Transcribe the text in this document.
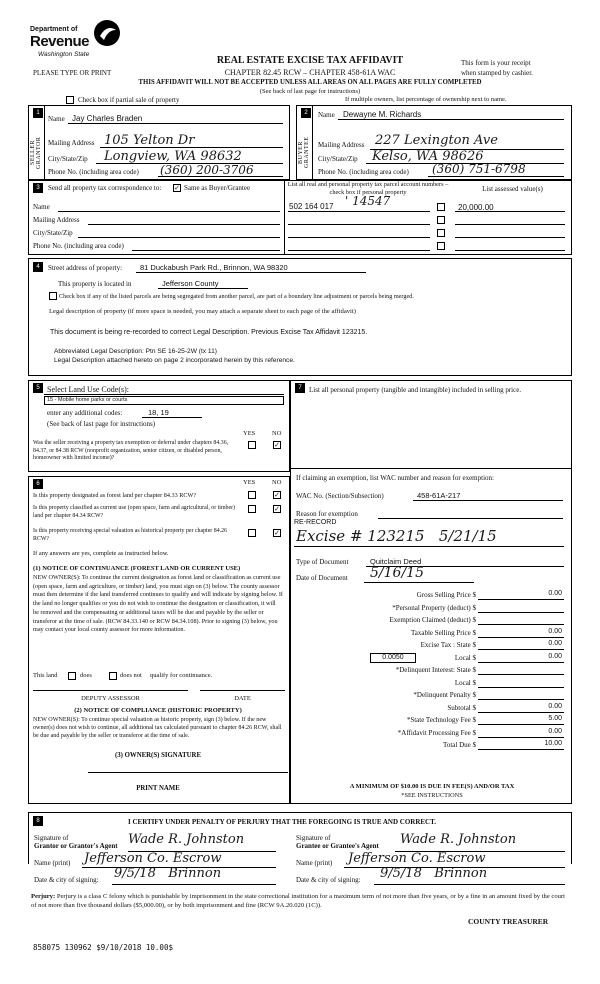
Department of
Revenue
Washington State
REAL ESTATE EXCISE TAX AFFIDAVIT
CHAPTER 82.45 RCW – CHAPTER 458-61A WAC
PLEASE TYPE OR PRINT
This form is your receipt
when stamped by cashier.
THIS AFFIDAVIT WILL NOT BE ACCEPTED UNLESS ALL AREAS ON ALL PAGES ARE FULLY COMPLETED
(See back of last page for instructions)
Check box if partial sale of property	If multiple owners, list percentage of ownership next to name.
1
SELLER GRANTOR
Name Jay Charles Braden
Mailing Address 105 Yelton Dr
City/State/Zip Longview, WA 98632
Phone No. (including area code) (360) 200-3706
2
BUYER GRANTEE
Name Dewayne M. Richards
Mailing Address 227 Lexington Ave
City/State/Zip Kelso, WA 98626
Phone No. (including area code) (360) 751-6798
3	Send all property tax correspondence to: ✓ Same as Buyer/Grantee
Name
Mailing Address
City/State/Zip
Phone No. (including area code)
List all real and personal property tax parcel account numbers – check box if personal property	List assessed value(s)
502 164 017 ' 14547	20,000.00
4	Street address of property: 81 Duckabush Park Rd., Brinnon, WA 98320
This property is located in	Jefferson County
Check box if any of the listed parcels are being segregated from another parcel, are part of a boundary line adjustment or parcels being merged.
Legal description of property (if more space is needed, you may attach a separate sheet to each page of the affidavit)
This document is being re-recorded to correct Legal Description. Previous Excise Tax Affidavit 123215.
Abbreviated Legal Description: Ptn SE 16-25-2W (tx 11)
Legal Description attached hereto on page 2 incorporated herein by this reference.
5 Select Land Use Code(s):
15 - Mobile home parks or courts
enter any additional codes:	18, 19
(See back of last page for instructions)
YES	NO
Was the seller receiving a property tax exemption or deferral under chapters 84.36, 84.37, or 84.38 RCW (nonprofit organization, senior citizen, or disabled person, homeowner with limited income)?
✓
6	YES	NO
Is this property designated as forest land per chapter 84.33 RCW?	✓
Is this property classified as current use (open space, farm and agricultural, or timber) land per chapter 84.34 RCW?
✓
Is this property receiving special valuation as historical property per chapter 84.26 RCW?
✓
If any answers are yes, complete as instructed below.
(1) NOTICE OF CONTINUANCE (FOREST LAND OR CURRENT USE)
NEW OWNER(S): To continue the current designation as forest land or classification as current use (open space, farm and agriculture, or timber) land, you must sign on (3) below. The county assessor must then determine if the land transferred continues to qualify and will indicate by signing below. If the land no longer qualifies or you do not wish to continue the designation or classification, it will be removed and the compensating or additional taxes will be due and payable by the seller or transferor at the time of sale. (RCW 84.33.140 or RCW 84.34.108). Prior to signing (3) below, you may contact your local county assessor for more information.
This land	does	does not qualify for continuance.
DEPUTY ASSESSOR	DATE
(2) NOTICE OF COMPLIANCE (HISTORIC PROPERTY)
NEW OWNER(S): To continue special valuation as historic property, sign (3) below. If the new owner(s) does not wish to continue, all additional tax calculated pursuant to chapter 84.26 RCW, shall be due and payable by the seller or transferor at the time of sale.
(3) OWNER(S) SIGNATURE
PRINT NAME
7	List all personal property (tangible and intangible) included in selling price.
If claiming an exemption, list WAC number and reason for exemption:
WAC No. (Section/Subsection)	458-61A-217
Reason for exemption
RE-RECORD
Excise # 123215   5/21/15
Type of Document	Quitclaim Deed
Date of Document 5/16/15
Gross Selling Price $	0.00
*Personal Property (deduct) $
Exemption Claimed (deduct) $
Taxable Selling Price $	0.00
Excise Tax : State $	0.00
0.0050	Local $	0.00
*Delinquent Interest: State $
Local $
*Delinquent Penalty $
Subtotal $	0.00
*State Technology Fee $	5.00
*Affidavit Processing Fee $	0.00
Total Due $	10.00
A MINIMUM OF $10.00 IS DUE IN FEE(S) AND/OR TAX
*SEE INSTRUCTIONS
8	I CERTIFY UNDER PENALTY OF PERJURY THAT THE FOREGOING IS TRUE AND CORRECT.
Signature of
Grantor or Grantor's Agent Wade R. Johnston	Signature of
Grantee or Grantee's Agent Wade R. Johnston
Name (print) Jefferson Co. Escrow	Name (print) Jefferson Co. Escrow
Date & city of signing: 9/5/18   Brinnon	Date & city of signing: 9/5/18   Brinnon
Perjury: Perjury is a class C felony which is punishable by imprisonment in the state correctional institution for a maximum term of not more than five years, or by a fine in an amount fixed by the court of not more than five thousand dollars ($5,000.00), or by both imprisonment and fine (RCW 9A.20.020 (1C)).
COUNTY TREASURER
858075 130962 $9/10/2018 10.00$
